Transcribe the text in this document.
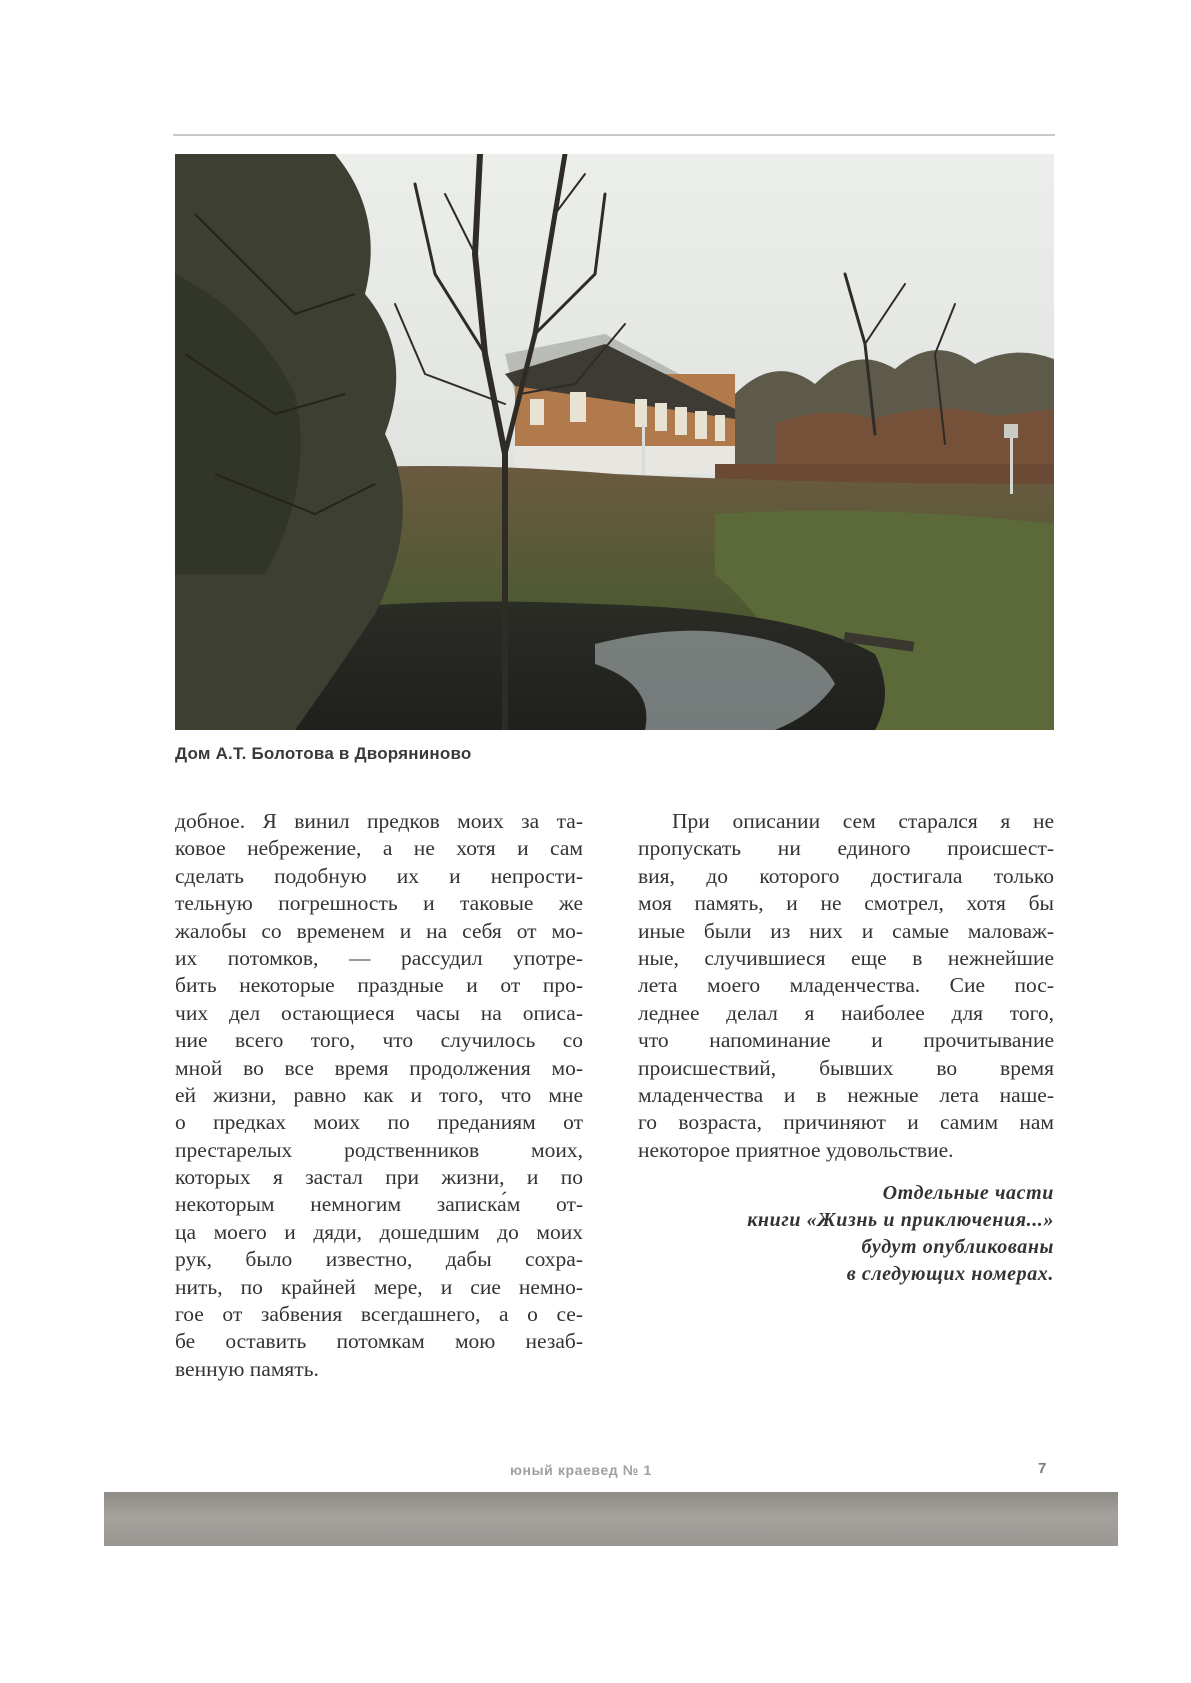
Дом А.Т. Болотова в Дворяниново
добное. Я винил предков моих за та-
ковое небрежение, а не хотя и сам
сделать подобную их и непрости-
тельную погрешность и таковые же
жалобы со временем и на себя от мо-
их потомков, — рассудил употре-
бить некоторые праздные и от про-
чих дел остающиеся часы на описа-
ние всего того, что случилось со
мной во все время продолжения мо-
ей жизни, равно как и того, что мне
о предках моих по преданиям от
престарелых родственников моих,
которых я застал при жизни, и по
некоторым немногим записка́м от-
ца моего и дяди, дошедшим до моих
рук, было известно, дабы сохра-
нить, по крайней мере, и сие немно-
гое от забвения всегдашнего, а о се-
бе оставить потомкам мою незаб-
венную память.
При описании сем старался я не
пропускать ни единого происшест-
вия, до которого достигала только
моя память, и не смотрел, хотя бы
иные были из них и самые маловаж-
ные, случившиеся еще в нежнейшие
лета моего младенчества. Сие пос-
леднее делал я наиболее для того,
что напоминание и прочитывание
происшествий, бывших во время
младенчества и в нежные лета наше-
го возраста, причиняют и самим нам
некоторое приятное удовольствие.
Отдельные части
книги «Жизнь и приключения...»
будут опубликованы
в следующих номерах.
юный краевед № 1	7
